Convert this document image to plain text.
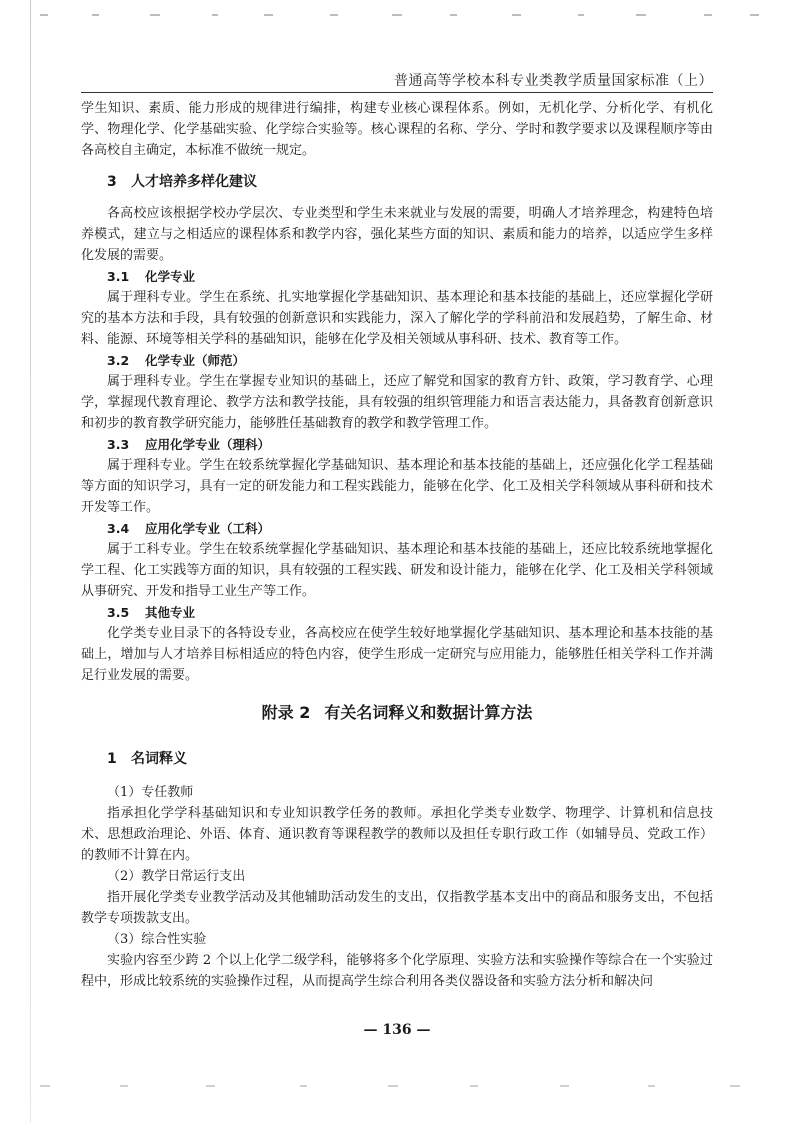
普通高等学校本科专业类教学质量国家标准（上）

学生知识、素质、能力形成的规律进行编排，构建专业核心课程体系。例如，无机化学、分析化学、有机化学、物理化学、化学基础实验、化学综合实验等。核心课程的名称、学分、学时和教学要求以及课程顺序等由各高校自主确定，本标准不做统一规定。

3 人才培养多样化建议

各高校应该根据学校办学层次、专业类型和学生未来就业与发展的需要，明确人才培养理念，构建特色培养模式，建立与之相适应的课程体系和教学内容，强化某些方面的知识、素质和能力的培养，以适应学生多样化发展的需要。

3.1 化学专业

属于理科专业。学生在系统、扎实地掌握化学基础知识、基本理论和基本技能的基础上，还应掌握化学研究的基本方法和手段，具有较强的创新意识和实践能力，深入了解化学的学科前沿和发展趋势，了解生命、材料、能源、环境等相关学科的基础知识，能够在化学及相关领域从事科研、技术、教育等工作。

3.2 化学专业（师范）

属于理科专业。学生在掌握专业知识的基础上，还应了解党和国家的教育方针、政策，学习教育学、心理学，掌握现代教育理论、教学方法和教学技能，具有较强的组织管理能力和语言表达能力，具备教育创新意识和初步的教育教学研究能力，能够胜任基础教育的教学和教学管理工作。

3.3 应用化学专业（理科）

属于理科专业。学生在较系统掌握化学基础知识、基本理论和基本技能的基础上，还应强化化学工程基础等方面的知识学习，具有一定的研发能力和工程实践能力，能够在化学、化工及相关学科领域从事科研和技术开发等工作。

3.4 应用化学专业（工科）

属于工科专业。学生在较系统掌握化学基础知识、基本理论和基本技能的基础上，还应比较系统地掌握化学工程、化工实践等方面的知识，具有较强的工程实践、研发和设计能力，能够在化学、化工及相关学科领域从事研究、开发和指导工业生产等工作。

3.5 其他专业

化学类专业目录下的各特设专业，各高校应在使学生较好地掌握化学基础知识、基本理论和基本技能的基础上，增加与人才培养目标相适应的特色内容，使学生形成一定研究与应用能力，能够胜任相关学科工作并满足行业发展的需要。

附录 2 有关名词释义和数据计算方法
1 名词释义
（1）专任教师

指承担化学学科基础知识和专业知识教学任务的教师。承担化学类专业数学、物理学、计算机和信息技术、思想政治理论、外语、体育、通识教育等课程教学的教师以及担任专职行政工作（如辅导员、党政工作）的教师不计算在内。

（2）教学日常运行支出

指开展化学类专业教学活动及其他辅助活动发生的支出，仅指教学基本支出中的商品和服务支出，不包括教学专项拨款支出。

（3）综合性实验

实验内容至少跨 2 个以上化学二级学科，能够将多个化学原理、实验方法和实验操作等综合在一个实验过程中，形成比较系统的实验操作过程，从而提高学生综合利用各类仪器设备和实验方法分析和解决问

— 136 —
